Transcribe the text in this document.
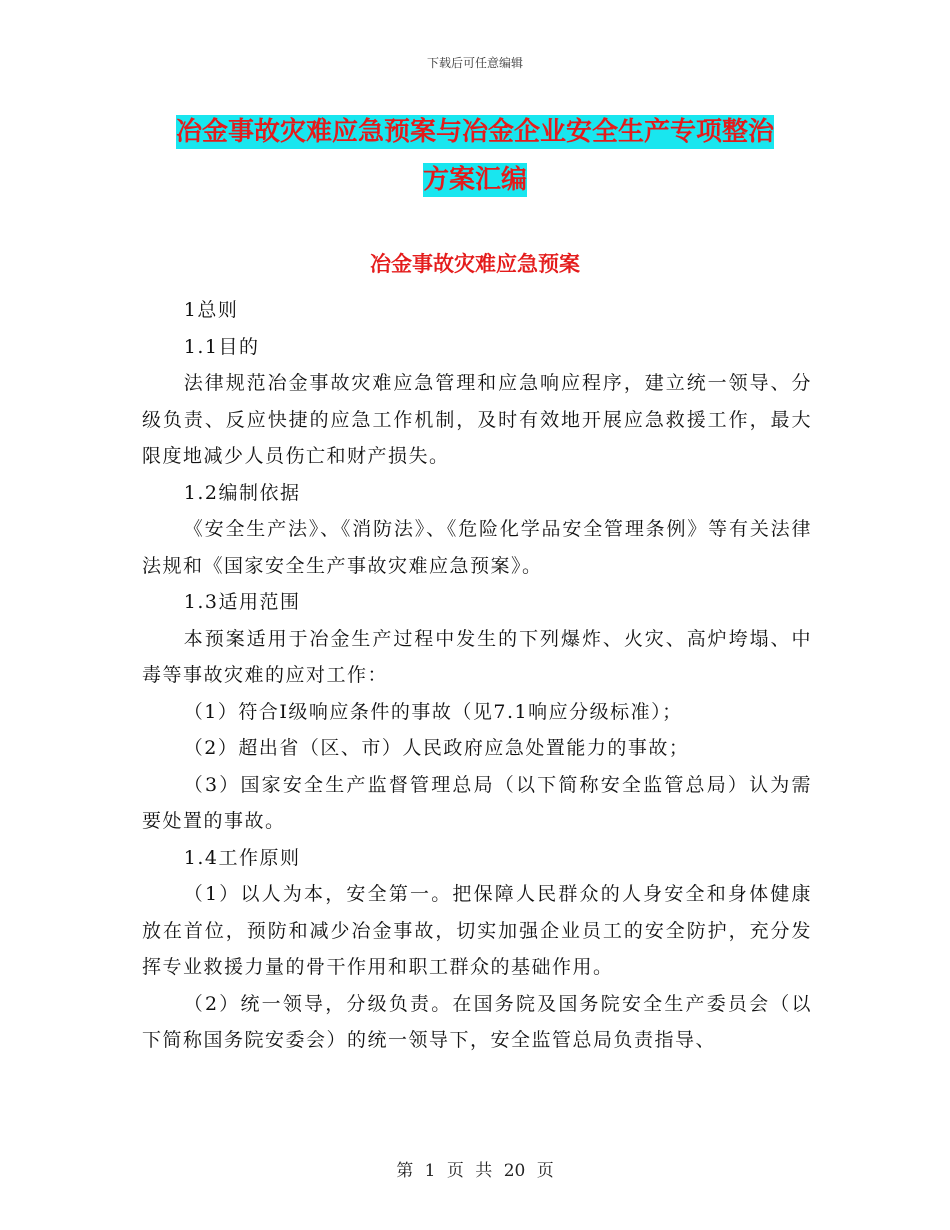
下载后可任意编辑
冶金事故灾难应急预案与冶金企业安全生产专项整治
方案汇编
冶金事故灾难应急预案

1总则

1.1目的

法律规范冶金事故灾难应急管理和应急响应程序，建立统一领导、分级负责、反应快捷的应急工作机制，及时有效地开展应急救援工作，最大限度地减少人员伤亡和财产损失。

1.2编制依据

《安全生产法》、《消防法》、《危险化学品安全管理条例》等有关法律法规和《国家安全生产事故灾难应急预案》。

1.3适用范围

本预案适用于冶金生产过程中发生的下列爆炸、火灾、高炉垮塌、中毒等事故灾难的应对工作：

（1）符合Ⅰ级响应条件的事故（见7.1响应分级标准）；

（2）超出省（区、市）人民政府应急处置能力的事故；

（3）国家安全生产监督管理总局（以下简称安全监管总局）认为需要处置的事故。

1.4工作原则

（1）以人为本，安全第一。把保障人民群众的人身安全和身体健康放在首位，预防和减少冶金事故，切实加强企业员工的安全防护，充分发挥专业救援力量的骨干作用和职工群众的基础作用。

（2）统一领导，分级负责。在国务院及国务院安全生产委员会（以下简称国务院安委会）的统一领导下，安全监管总局负责指导、

第 1 页 共 20 页
